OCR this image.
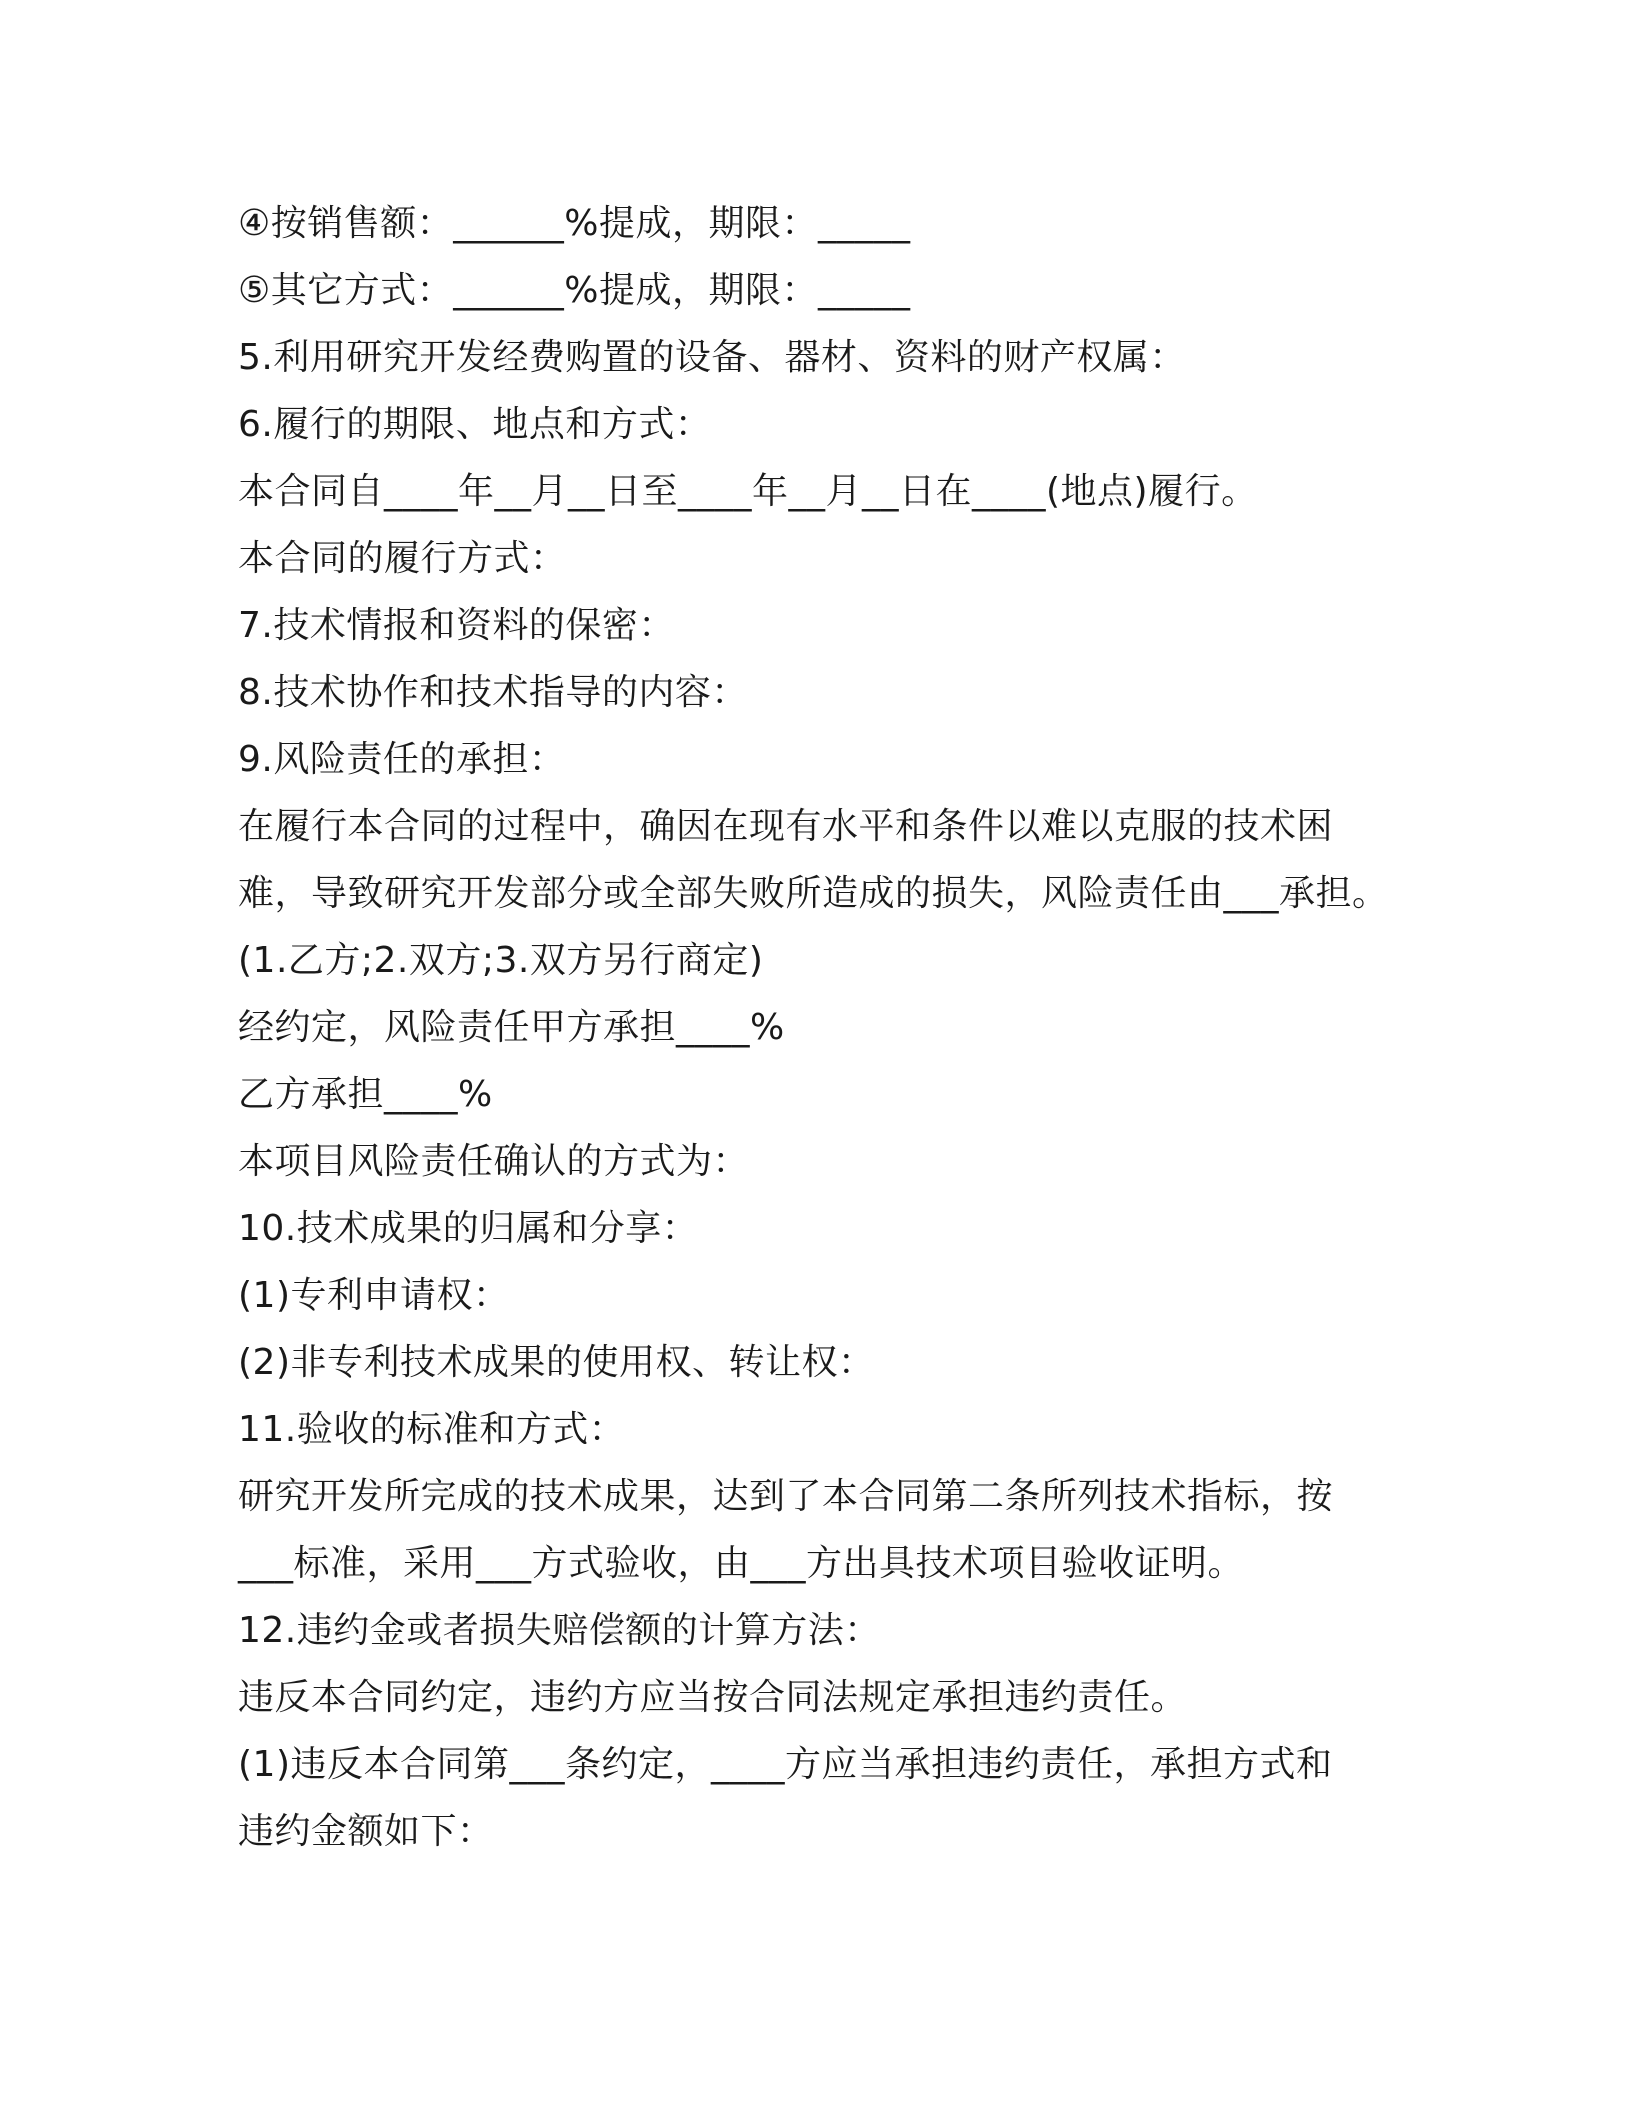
④按销售额：______%提成，期限：_____
⑤其它方式：______%提成，期限：_____
5.利用研究开发经费购置的设备、器材、资料的财产权属：
6.履行的期限、地点和方式：
本合同自____年__月__日至____年__月__日在____(地点)履行。
本合同的履行方式：
7.技术情报和资料的保密：
8.技术协作和技术指导的内容：
9.风险责任的承担：
在履行本合同的过程中，确因在现有水平和条件以难以克服的技术困
难，导致研究开发部分或全部失败所造成的损失，风险责任由___承担。
(1.乙方;2.双方;3.双方另行商定)
经约定，风险责任甲方承担____%
乙方承担____%
本项目风险责任确认的方式为：
10.技术成果的归属和分享：
(1)专利申请权：
(2)非专利技术成果的使用权、转让权：
11.验收的标准和方式：
研究开发所完成的技术成果，达到了本合同第二条所列技术指标，按
___标准，采用___方式验收，由___方出具技术项目验收证明。
12.违约金或者损失赔偿额的计算方法：
违反本合同约定，违约方应当按合同法规定承担违约责任。
(1)违反本合同第___条约定，____方应当承担违约责任，承担方式和
违约金额如下：
